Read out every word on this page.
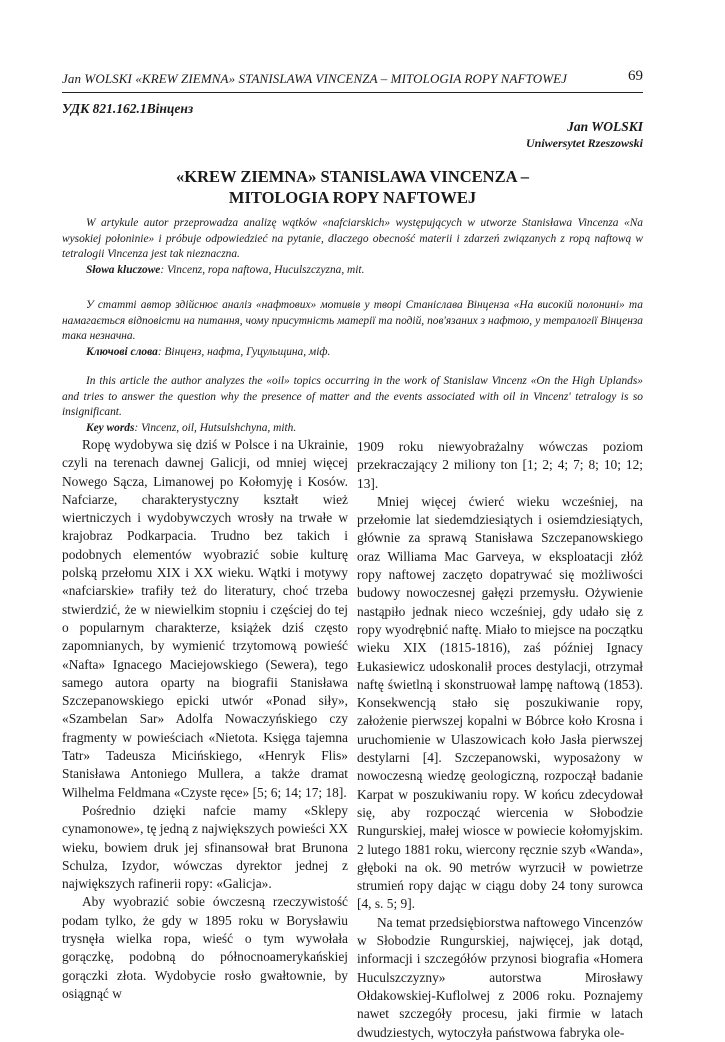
Jan WOLSKI «KREW ZIEMNA» STANISLAWA VINCENZA – MITOLOGIA ROPY NAFTOWEJ	69
УДК 821.162.1Вінценз
Jan WOLSKI
Uniwersytet Rzeszowski
«KREW ZIEMNA» STANISLAWA VINCENZA –
MITOLOGIA ROPY NAFTOWEJ

W artykule autor przeprowadza analizę wątków «nafciarskich» występujących w utworze Stanisława Vincenza «Na wysokiej połoninie» i próbuje odpowiedzieć na pytanie, dlaczego obecność materii i zdarzeń związanych z ropą naftową w tetralogii Vincenza jest tak nieznaczna.

Słowa kluczowe: Vincenz, ropa naftowa, Huculszczyzna, mit.

У статті автор здійснює аналіз «нафтових» мотивів у творі Станіслава Вінценза «На високій полонині» та намагається відповісти на питання, чому присутність матерії та подій, пов'язаних з нафтою, у тетралогії Вінценза така незначна.

Ключові слова: Вінценз, нафта, Гуцульщина, міф.

In this article the author analyzes the «oil» topics occurring in the work of Stanislaw Vincenz «On the High Uplands» and tries to answer the question why the presence of matter and the events associated with oil in Vincenz' tetralogy is so insignificant.

Key words: Vincenz, oil, Hutsulshchyna, mith.

Ropę wydobywa się dziś w Polsce i na Ukrainie, czyli na terenach dawnej Galicji, od mniej więcej Nowego Sącza, Limanowej po Kołomyję i Kosów. Nafciarze, charakterystyczny kształt wież wiertniczych i wydobywczych wrosły na trwałe w krajobraz Podkarpacia. Trudno bez takich i podobnych elementów wyobrazić sobie kulturę polską przełomu XIX i XX wieku. Wątki i motywy «nafciarskie» trafiły też do literatury, choć trzeba stwierdzić, że w niewielkim stopniu i częściej do tej o popularnym charakterze, książek dziś często zapomnianych, by wymienić trzytomową powieść «Nafta» Ignacego Maciejowskiego (Sewera), tego samego autora oparty na biografii Stanisława Szczepanowskiego epicki utwór «Ponad siły», «Szambelan Sar» Adolfa Nowaczyńskiego czy fragmenty w powieściach «Nietota. Księga tajemna Tatr» Tadeusza Micińskiego, «Henryk Flis» Stanisława Antoniego Mullera, a także dramat Wilhelma Feldmana «Czyste ręce» [5; 6; 14; 17; 18].

Pośrednio dzięki nafcie mamy «Sklepy cynamonowe», tę jedną z największych powieści XX wieku, bowiem druk jej sfinansował brat Brunona Schulza, Izydor, wówczas dyrektor jednej z największych rafinerii ropy: «Galicja».

Aby wyobrazić sobie ówczesną rzeczywistość podam tylko, że gdy w 1895 roku w Borysławiu trysnęła wielka ropa, wieść o tym wywołała gorączkę, podobną do północnoamerykańskiej gorączki złota. Wydobycie rosło gwałtownie, by osiągnąć w

1909 roku niewyobrażalny wówczas poziom przekraczający 2 miliony ton [1; 2; 4; 7; 8; 10; 12; 13].

Mniej więcej ćwierć wieku wcześniej, na przełomie lat siedemdziesiątych i osiemdziesiątych, głównie za sprawą Stanisława Szczepanowskiego oraz Williama Mac Garveya, w eksploatacji złóż ropy naftowej zaczęto dopatrywać się możliwości budowy nowoczesnej gałęzi przemysłu. Ożywienie nastąpiło jednak nieco wcześniej, gdy udało się z ropy wyodrębnić naftę. Miało to miejsce na początku wieku XIX (1815-1816), zaś później Ignacy Łukasiewicz udoskonalił proces destylacji, otrzymał naftę świetlną i skonstruował lampę naftową (1853). Konsekwencją stało się poszukiwanie ropy, założenie pierwszej kopalni w Bóbrce koło Krosna i uruchomienie w Ulaszowicach koło Jasła pierwszej destylarni [4]. Szczepanowski, wyposażony w nowoczesną wiedzę geologiczną, rozpoczął badanie Karpat w poszukiwaniu ropy. W końcu zdecydował się, aby rozpocząć wiercenia w Słobodzie Rungurskiej, małej wiosce w powiecie kołomyjskim. 2 lutego 1881 roku, wiercony ręcznie szyb «Wanda», głęboki na ok. 90 metrów wyrzucił w powietrze strumień ropy dając w ciągu doby 24 tony surowca [4, s. 5; 9].

Na temat przedsiębiorstwa naftowego Vincenzów w Słobodzie Rungurskiej, najwięcej, jak dotąd, informacji i szczegółów przynosi biografia «Homera Huculszczyzny» autorstwa Mirosławy Ołdakowskiej-Kuflolwej z 2006 roku. Poznajemy nawet szczegóły procesu, jaki firmie w latach dwudziestych, wytoczyła państwowa fabryka ole-
